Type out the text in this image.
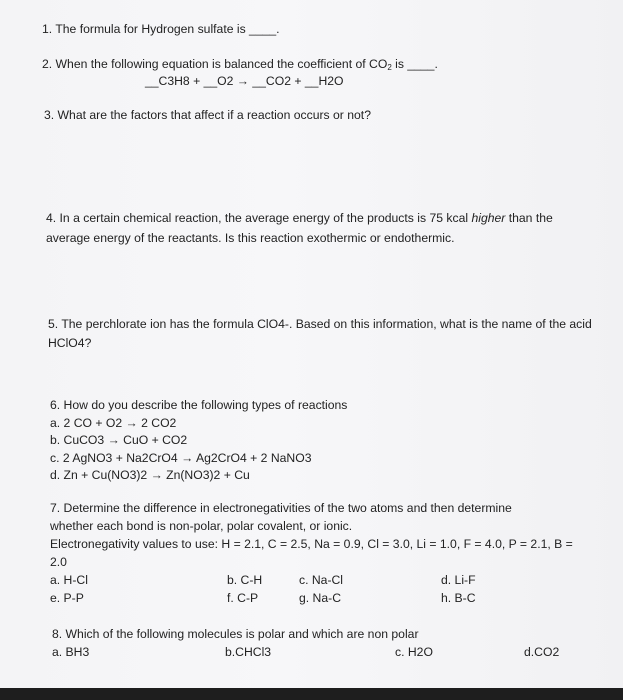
1. The formula for Hydrogen sulfate is ____.
2. When the following equation is balanced the coefficient of $CO_2$ is ____.
__C3H8 + __O2 → __CO2 + __H2O
3. What are the factors that affect if a reaction occurs or not?
4. In a certain chemical reaction, the average energy of the products is 75 kcal higher than the
average energy of the reactants. Is this reaction exothermic or endothermic.
5. The perchlorate ion has the formula ClO4-. Based on this information, what is the name of the acid
HClO4?
6. How do you describe the following types of reactions
a. 2 CO + O2 → 2 CO2
b. CuCO3 → CuO + CO2
c. 2 AgNO3 + Na2CrO4 → Ag2CrO4 + 2 NaNO3
d. Zn + Cu(NO3)2 → Zn(NO3)2 + Cu
7. Determine the difference in electronegativities of the two atoms and then determine
whether each bond is non-polar, polar covalent, or ionic.
Electronegativity values to use: H = 2.1, C = 2.5, Na = 0.9, Cl = 3.0, Li = 1.0, F = 4.0, P = 2.1, B =
2.0
a. H-Cl	b. C-H	c. Na-Cl	d. Li-F
e. P-P	f. C-P	g. Na-C	h. B-C
8. Which of the following molecules is polar and which are non polar
a. BH3	b.CHCl3	c. H2O	d.CO2
